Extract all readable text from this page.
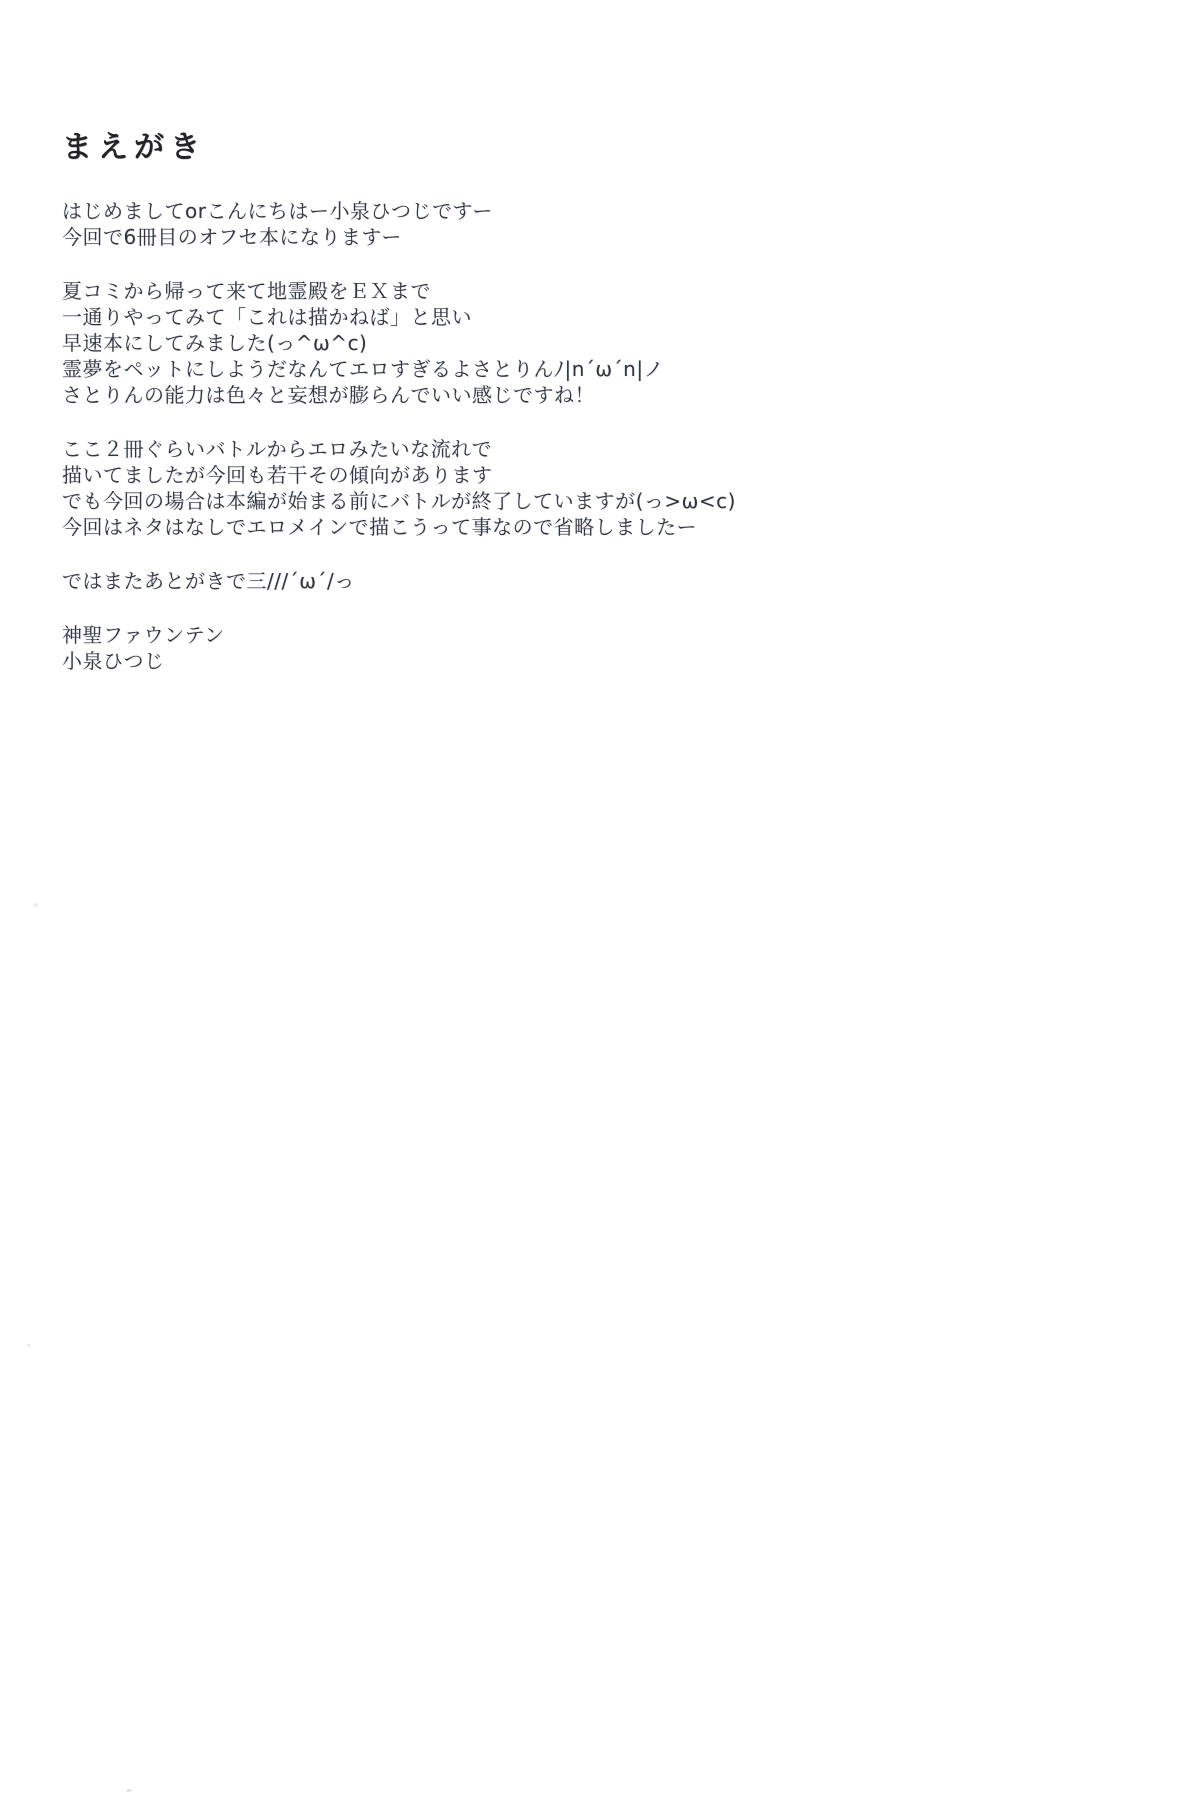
まえがき

はじめましてorこんにちはー小泉ひつじですー
今回で6冊目のオフセ本になりますー

夏コミから帰って来て地霊殿をＥＸまで
一通りやってみて「これは描かねば」と思い
早速本にしてみました(っ^ω^c)
霊夢をペットにしようだなんてエロすぎるよさとりんﾉ|n´ω´n|ノ
さとりんの能力は色々と妄想が膨らんでいい感じですね！

ここ２冊ぐらいバトルからエロみたいな流れで
描いてましたが今回も若干その傾向があります
でも今回の場合は本編が始まる前にバトルが終了していますが(っ>ω<c)
今回はネタはなしでエロメインで描こうって事なので省略しましたー

ではまたあとがきで三///´ω´/っ

神聖ファウンテン
小泉ひつじ
